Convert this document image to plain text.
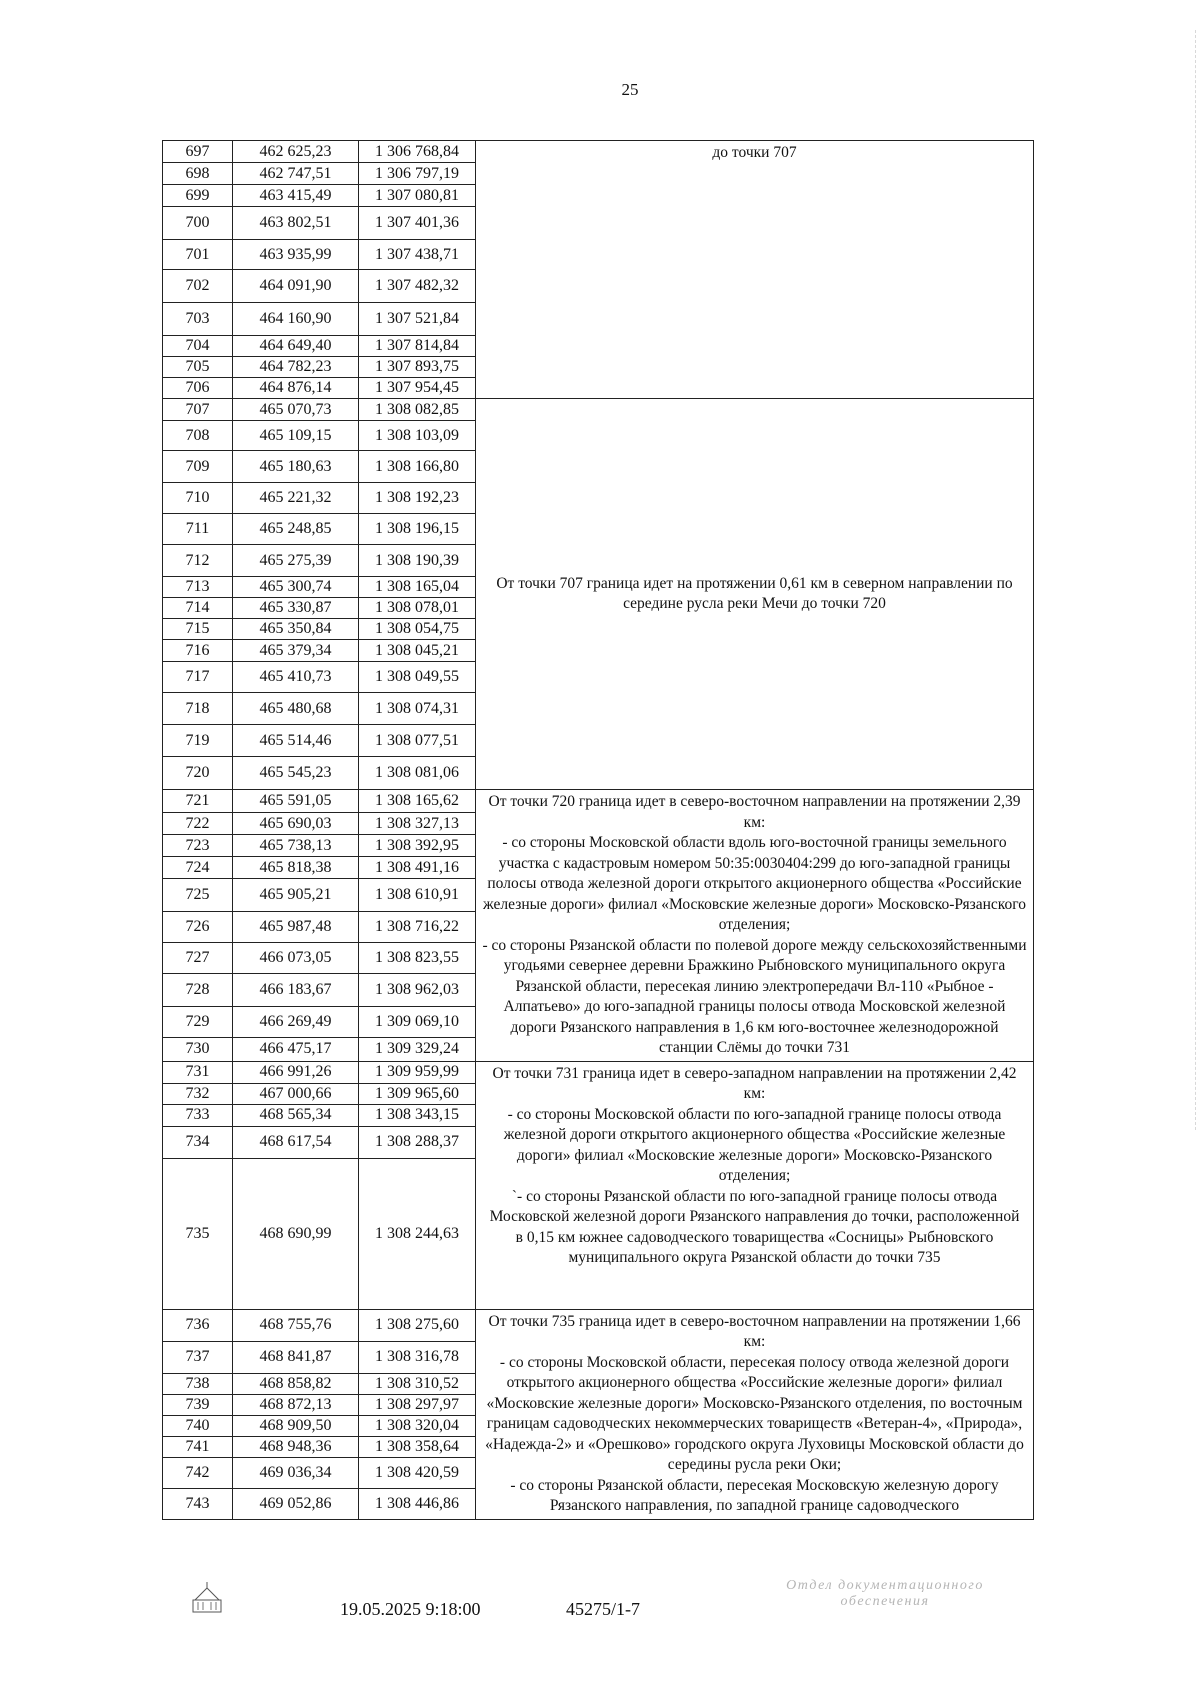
25
697	462 625,23	1 306 768,84	до точки 707

698	462 747,51	1 306 797,19	
699	463 415,49	1 307 080,81	
700	463 802,51	1 307 401,36	
701	463 935,99	1 307 438,71	
702	464 091,90	1 307 482,32	
703	464 160,90	1 307 521,84	
704	464 649,40	1 307 814,84	
705	464 782,23	1 307 893,75	
706	464 876,14	1 307 954,45	
707	465 070,73	1 308 082,85	От точки 707 граница идет на протяжении 0,61 км в северном направлении по середине русла реки Мечи до точки 720

708	465 109,15	1 308 103,09	
709	465 180,63	1 308 166,80	
710	465 221,32	1 308 192,23	
711	465 248,85	1 308 196,15	
712	465 275,39	1 308 190,39	
713	465 300,74	1 308 165,04	
714	465 330,87	1 308 078,01	
715	465 350,84	1 308 054,75	
716	465 379,34	1 308 045,21	
717	465 410,73	1 308 049,55	
718	465 480,68	1 308 074,31	
719	465 514,46	1 308 077,51	
720	465 545,23	1 308 081,06	
721	465 591,05	1 308 165,62	От точки 720 граница идет в северо-восточном направлении на протяжении 2,39 км:
- со стороны Московской области вдоль юго-восточной границы земельного участка с кадастровым номером 50:35:0030404:299 до юго-западной границы полосы отвода железной дороги открытого акционерного общества «Российские железные дороги» филиал «Московские железные дороги» Московско-Рязанского отделения;
- со стороны Рязанской области по полевой дороге между сельскохозяйственными угодьями севернее деревни Бражкино Рыбновского муниципального округа Рязанской области, пересекая линию электропередачи Вл-110 «Рыбное - Алпатьево» до юго-западной границы полосы отвода Московской железной дороги Рязанского направления в 1,6 км юго-восточнее железнодорожной станции Слёмы до точки 731

722	465 690,03	1 308 327,13	
723	465 738,13	1 308 392,95	
724	465 818,38	1 308 491,16	
725	465 905,21	1 308 610,91	
726	465 987,48	1 308 716,22	
727	466 073,05	1 308 823,55	
728	466 183,67	1 308 962,03	
729	466 269,49	1 309 069,10	
730	466 475,17	1 309 329,24	
731	466 991,26	1 309 959,99	От точки 731 граница идет в северо-западном направлении на протяжении 2,42 км:
- со стороны Московской области по юго-западной границе полосы отвода железной дороги открытого акционерного общества «Российские железные дороги» филиал «Московские железные дороги» Московско-Рязанского отделения;
`- со стороны Рязанской области по юго-западной границе полосы отвода Московской железной дороги Рязанского направления до точки, расположенной
в 0,15 км южнее садоводческого товарищества «Сосницы» Рыбновского муниципального округа Рязанской области до точки 735

732	467 000,66	1 309 965,60	
733	468 565,34	1 308 343,15	
734	468 617,54	1 308 288,37	
735	468 690,99	1 308 244,63	
736	468 755,76	1 308 275,60	От точки 735 граница идет в северо-восточном направлении на протяжении 1,66 км:
- со стороны Московской области, пересекая полосу отвода железной дороги открытого акционерного общества «Российские железные дороги» филиал «Московские железные дороги» Московско-Рязанского отделения, по восточным границам садоводческих некоммерческих товариществ «Ветеран-4», «Природа», «Надежда-2» и «Орешково» городского округа Луховицы Московской области до середины русла реки Оки;
- со стороны Рязанской области, пересекая Московскую железную дорогу Рязанского направления, по западной границе садоводческого

737	468 841,87	1 308 316,78	
738	468 858,82	1 308 310,52	
739	468 872,13	1 308 297,97	
740	468 909,50	1 308 320,04	
741	468 948,36	1 308 358,64	
742	469 036,34	1 308 420,59	
743	469 052,86	1 308 446,86	
19.05.2025 9:18:00	45275/1-7
Отдел документационного
обеспечения
